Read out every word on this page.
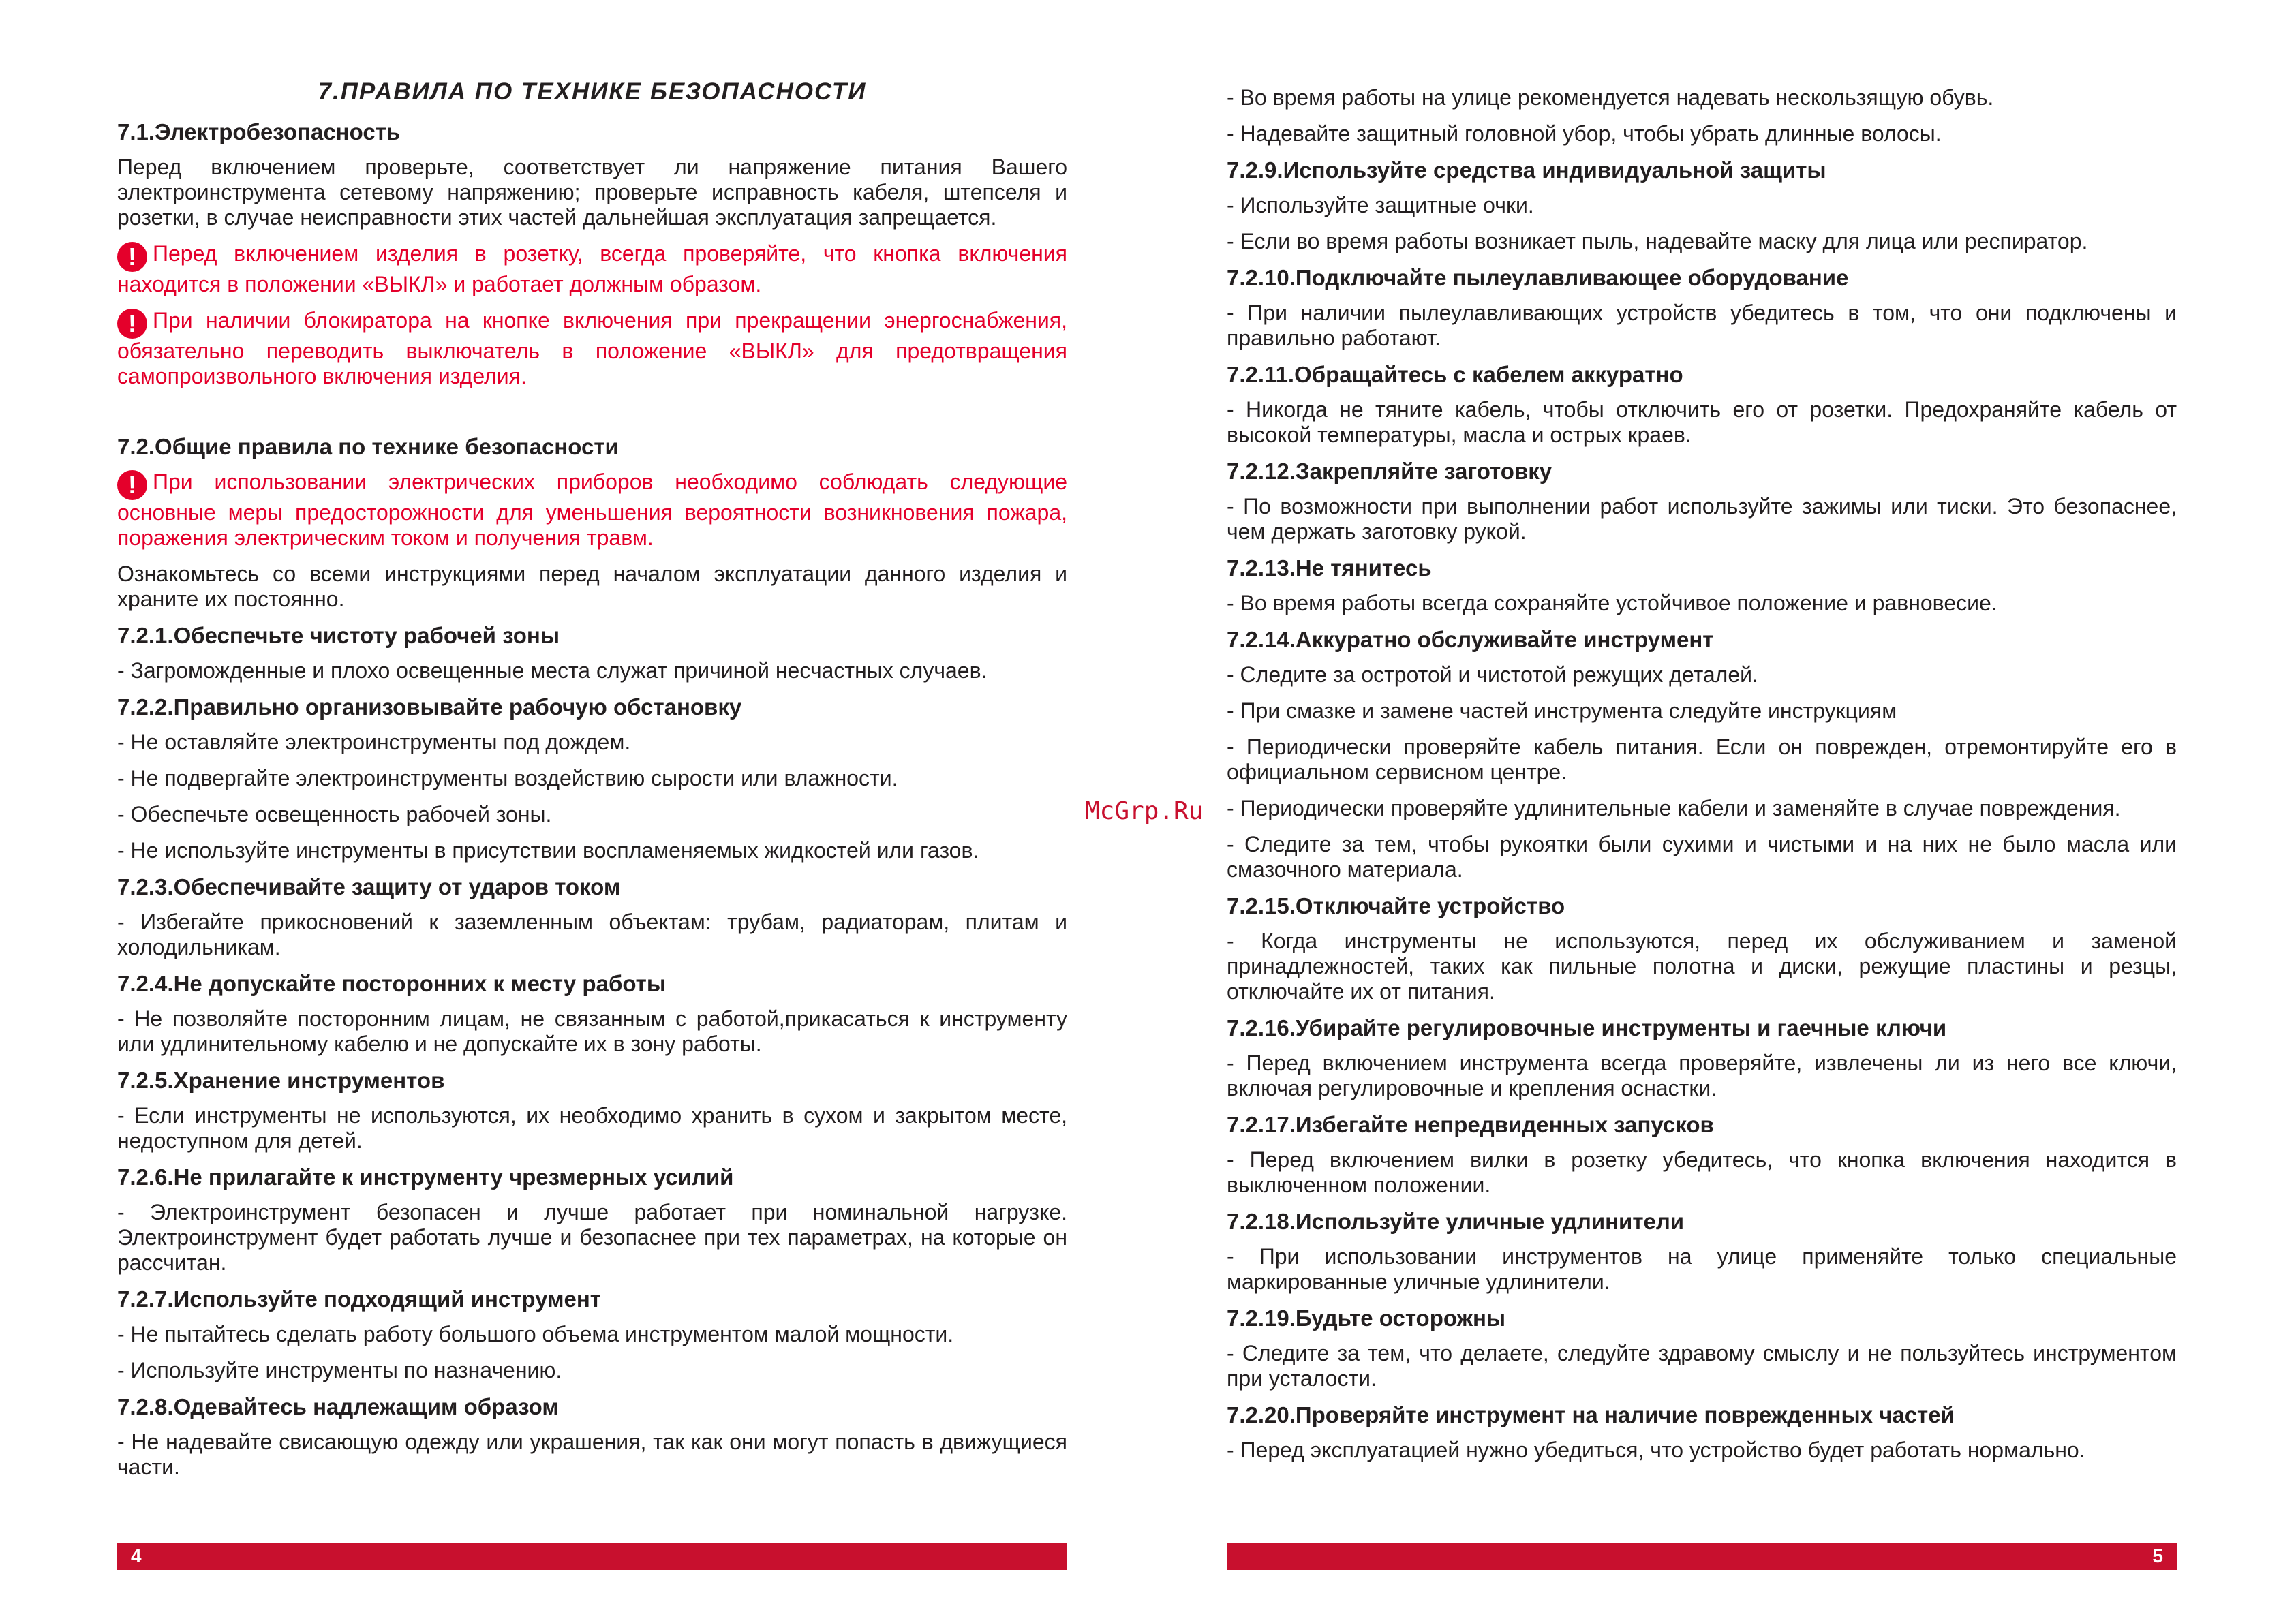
7.ПРАВИЛА ПО ТЕХНИКЕ БЕЗОПАСНОСТИ
7.1.Электробезопасность
Перед включением проверьте, соответствует ли напряжение питания Вашего электроинструмента сетевому напряжению; проверьте исправность кабеля, штепселя и розетки, в случае неисправности этих частей дальнейшая эксплуатация запрещается.
! Перед включением изделия в розетку, всегда проверяйте, что кнопка включения находится в положении «ВЫКЛ» и работает должным образом.
! При наличии блокиратора на кнопке включения при прекращении энергоснабжения, обязательно переводить выключатель в положение «ВЫКЛ» для предотвращения самопроизвольного включения изделия.
7.2.Общие правила по технике безопасности
! При использовании электрических приборов необходимо соблюдать следующие основные меры предосторожности для уменьшения вероятности возникновения пожара, поражения электрическим током и получения травм.
Ознакомьтесь со всеми инструкциями перед началом эксплуатации данного изделия и храните их постоянно.
7.2.1.Обеспечьте чистоту рабочей зоны
- Загроможденные и плохо освещенные места служат причиной несчастных случаев.
7.2.2.Правильно организовывайте рабочую обстановку
- Не оставляйте электроинструменты под дождем.
- Не подвергайте электроинструменты воздействию сырости или влажности.
- Обеспечьте освещенность рабочей зоны.
- Не используйте инструменты в присутствии воспламеняемых жидкостей или газов.
7.2.3.Обеспечивайте защиту от ударов током
- Избегайте прикосновений к заземленным объектам: трубам, радиаторам, плитам и холодильникам.
7.2.4.Не допускайте посторонних к месту работы
- Не позволяйте посторонним лицам, не связанным с работой,прикасаться к инструменту или удлинительному кабелю и не допускайте их в зону работы.
7.2.5.Хранение инструментов
- Если инструменты не используются, их необходимо хранить в сухом и закрытом месте, недоступном для детей.
7.2.6.Не прилагайте к инструменту чрезмерных усилий
- Электроинструмент безопасен и лучше работает при номинальной нагрузке. Электроинструмент будет работать лучше и безопаснее при тех параметрах, на которые он рассчитан.
7.2.7.Используйте подходящий инструмент
- Не пытайтесь сделать работу большого объема инструментом малой мощности.
- Используйте инструменты по назначению.
7.2.8.Одевайтесь надлежащим образом
- Не надевайте свисающую одежду или украшения, так как они могут попасть в движущиеся части.
- Во время работы на улице рекомендуется надевать нескользящую обувь.
- Надевайте защитный головной убор, чтобы убрать длинные волосы.
7.2.9.Используйте средства индивидуальной защиты
- Используйте защитные очки.
- Если во время работы возникает пыль, надевайте маску для лица или респиратор.
7.2.10.Подключайте пылеулавливающее оборудование
- При наличии пылеулавливающих устройств убедитесь в том, что они подключены и правильно работают.
7.2.11.Обращайтесь с кабелем аккуратно
- Никогда не тяните кабель, чтобы отключить его от розетки. Предохраняйте кабель от высокой температуры, масла и острых краев.
7.2.12.Закрепляйте заготовку
- По возможности при выполнении работ используйте зажимы или тиски. Это безопаснее, чем держать заготовку рукой.
7.2.13.Не тянитесь
- Во время работы всегда сохраняйте устойчивое положение и равновесие.
7.2.14.Аккуратно обслуживайте инструмент
- Следите за остротой и чистотой режущих деталей.
- При смазке и замене частей инструмента следуйте инструкциям
- Периодически проверяйте кабель питания. Если он поврежден, отремонтируйте его в официальном сервисном центре.
- Периодически проверяйте удлинительные кабели и заменяйте в случае повреждения.
- Следите за тем, чтобы рукоятки были сухими и чистыми и на них не было масла или смазочного материала.
7.2.15.Отключайте устройство
- Когда инструменты не используются, перед их обслуживанием и заменой принадлежностей, таких как пильные полотна и диски, режущие пластины и резцы, отключайте их от питания.
7.2.16.Убирайте регулировочные инструменты и гаечные ключи
- Перед включением инструмента всегда проверяйте, извлечены ли из него все ключи, включая регулировочные и крепления оснастки.
7.2.17.Избегайте непредвиденных запусков
- Перед включением вилки в розетку убедитесь, что кнопка включения находится в выключенном положении.
7.2.18.Используйте уличные удлинители
- При использовании инструментов на улице применяйте только специальные маркированные уличные удлинители.
7.2.19.Будьте осторожны
- Следите за тем, что делаете, следуйте здравому смыслу и не пользуйтесь инструментом при усталости.
7.2.20.Проверяйте инструмент на наличие поврежденных частей
- Перед эксплуатацией нужно убедиться, что устройство будет работать нормально.
McGrp.Ru
4	5
